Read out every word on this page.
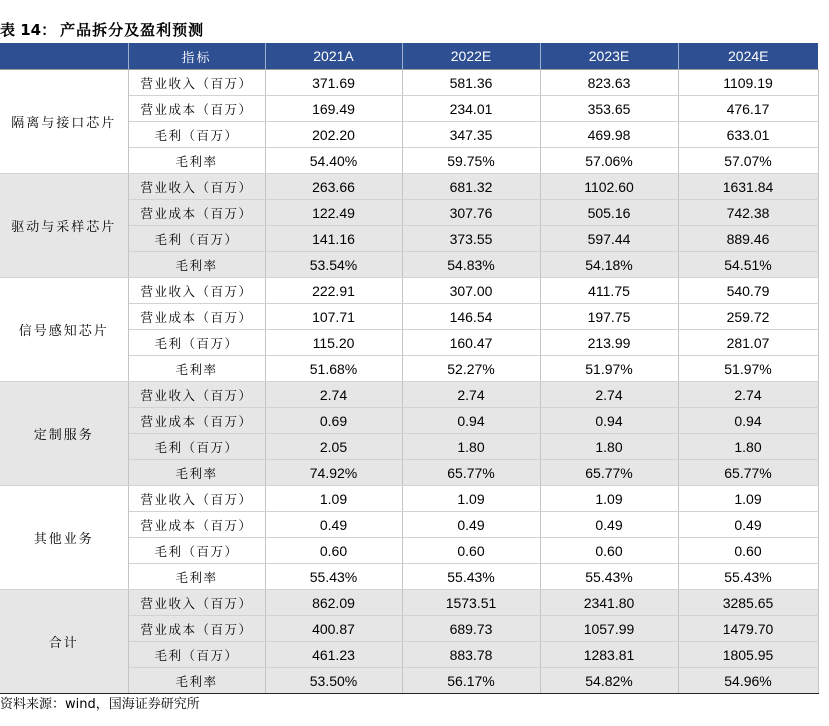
表 14： 产品拆分及盈利预测
	指标	2021A	2022E	2023E	2024E
隔离与接口芯片	营业收入（百万）	371.69	581.36	823.63	1109.19
	营业成本（百万）	169.49	234.01	353.65	476.17
	毛利（百万）	202.20	347.35	469.98	633.01
	毛利率	54.40%	59.75%	57.06%	57.07%
驱动与采样芯片	营业收入（百万）	263.66	681.32	1102.60	1631.84
	营业成本（百万）	122.49	307.76	505.16	742.38
	毛利（百万）	141.16	373.55	597.44	889.46
	毛利率	53.54%	54.83%	54.18%	54.51%
信号感知芯片	营业收入（百万）	222.91	307.00	411.75	540.79
	营业成本（百万）	107.71	146.54	197.75	259.72
	毛利（百万）	115.20	160.47	213.99	281.07
	毛利率	51.68%	52.27%	51.97%	51.97%
定制服务	营业收入（百万）	2.74	2.74	2.74	2.74
	营业成本（百万）	0.69	0.94	0.94	0.94
	毛利（百万）	2.05	1.80	1.80	1.80
	毛利率	74.92%	65.77%	65.77%	65.77%
其他业务	营业收入（百万）	1.09	1.09	1.09	1.09
	营业成本（百万）	0.49	0.49	0.49	0.49
	毛利（百万）	0.60	0.60	0.60	0.60
	毛利率	55.43%	55.43%	55.43%	55.43%
合计	营业收入（百万）	862.09	1573.51	2341.80	3285.65
	营业成本（百万）	400.87	689.73	1057.99	1479.70
	毛利（百万）	461.23	883.78	1283.81	1805.95
	毛利率	53.50%	56.17%	54.82%	54.96%
资料来源：wind，国海证券研究所
